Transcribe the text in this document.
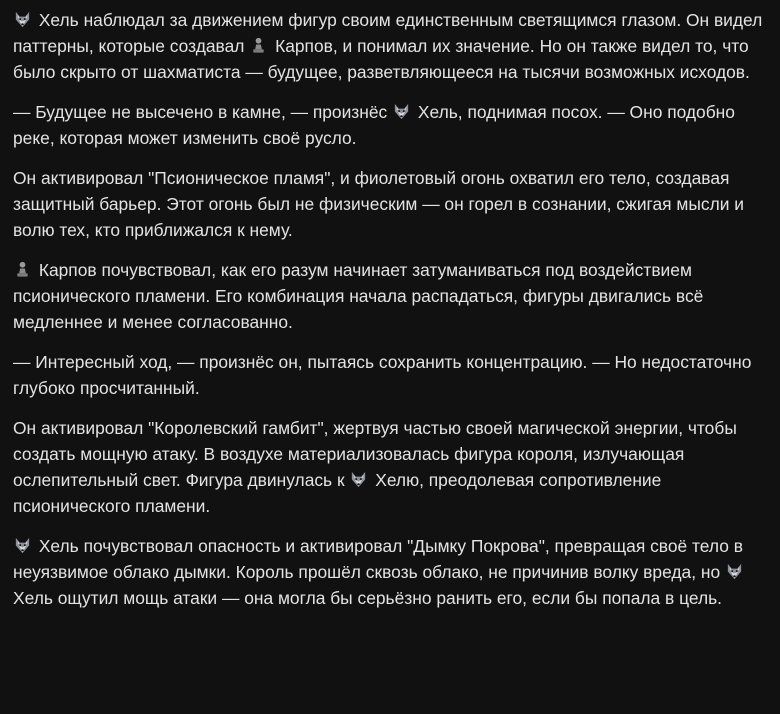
Хель наблюдал за движением фигур своим единственным светящимся глазом. Он видел паттерны, которые создавал
Карпов, и понимал их значение. Но он также видел то, что было скрыто от шахматиста — будущее, разветвляющееся на тысячи возможных исходов.

— Будущее не высечено в камне, — произнёс
Хель, поднимая посох. — Оно подобно реке, которая может изменить своё русло.

Он активировал "Псионическое пламя", и фиолетовый огонь охватил его тело, создавая защитный барьер. Этот огонь был не физическим — он горел в сознании, сжигая мысли и волю тех, кто приближался к нему.

Карпов почувствовал, как его разум начинает затуманиваться под воздействием псионического пламени. Его комбинация начала распадаться, фигуры двигались всё медленнее и менее согласованно.

— Интересный ход, — произнёс он, пытаясь сохранить концентрацию. — Но недостаточно глубоко просчитанный.

Он активировал "Королевский гамбит", жертвуя частью своей магической энергии, чтобы создать мощную атаку. В воздухе материализовалась фигура короля, излучающая ослепительный свет. Фигура двинулась к
Хелю, преодолевая сопротивление псионического пламени.

Хель почувствовал опасность и активировал "Дымку Покрова", превращая своё тело в неуязвимое облако дымки. Король прошёл сквозь облако, не причинив волку вреда, но
Хель ощутил мощь атаки — она могла бы серьёзно ранить его, если бы попала в цель.
